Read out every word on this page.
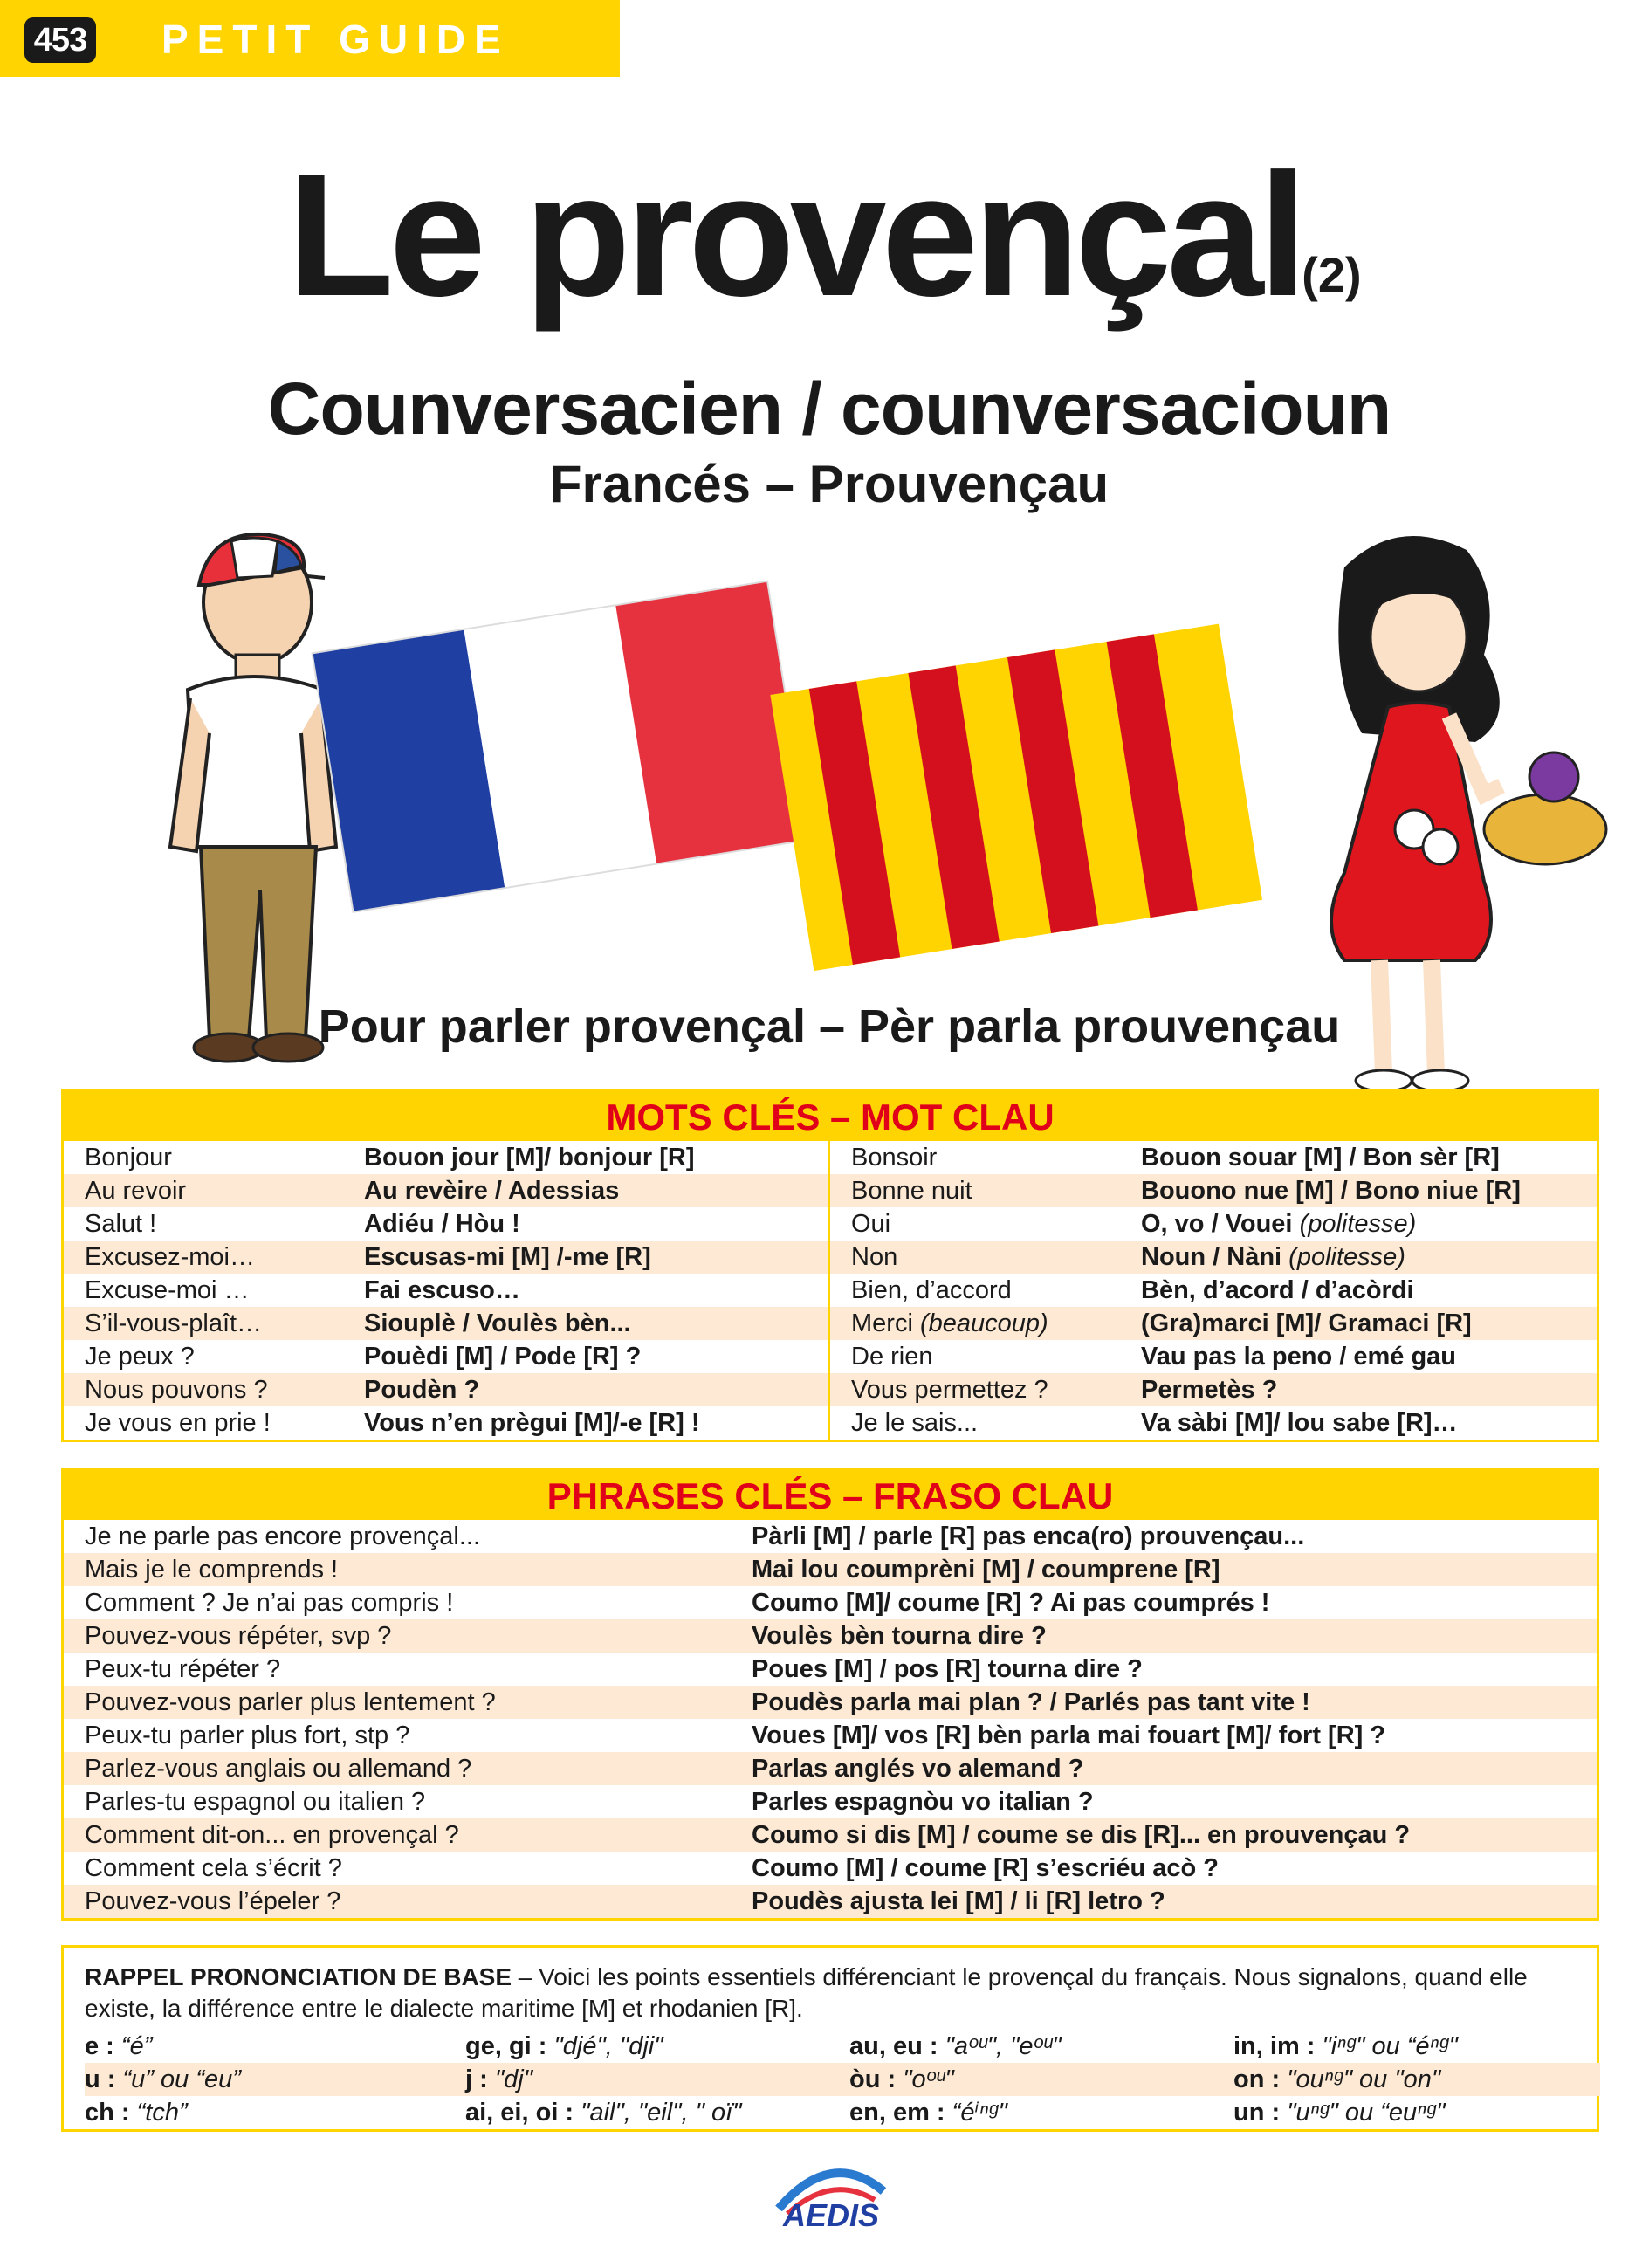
453 PETIT GUIDE
Le provençal$^{(2)}$
Counversacien / counversacioun
Francés – Prouvençau
Pour parler provençal – Pèr parla prouvençau
MOTS CLÉS – MOT CLAU
Bonjour	Bouon jour [M]/ bonjour [R]	Bonsoir	Bouon souar [M] / Bon sèr [R]
Au revoir	Au revèire / Adessias	Bonne nuit	Bouono nue [M] / Bono niue [R]
Salut !	Adiéu / Hòu !	Oui	O, vo / Vouei (politesse)
Excusez-moi…	Escusas-mi [M] /-me [R]	Non	Noun / Nàni (politesse)
Excuse-moi …	Fai escuso…	Bien, d’accord	Bèn, d’acord / d’acòrdi
S’il-vous-plaît…	Siouplè / Voulès bèn...	Merci (beaucoup)	(Gra)marci [M]/ Gramaci [R]
Je peux ?	Pouèdi [M] / Pode [R] ?	De rien	Vau pas la peno / emé gau
Nous pouvons ?	Poudèn ?	Vous permettez ?	Permetès ?
Je vous en prie !	Vous n’en prègui [M]/-e [R] !	Je le sais...	Va sàbi [M]/ lou sabe [R]…
PHRASES CLÉS – FRASO CLAU
Je ne parle pas encore provençal...	Pàrli [M] / parle [R] pas enca(ro) prouvençau...
Mais je le comprends !	Mai lou coumprèni [M] / coumprene [R]
Comment ? Je n’ai pas compris !	Coumo [M]/ coume [R] ? Ai pas coumprés !
Pouvez-vous répéter, svp ?	Voulès bèn tourna dire ?
Peux-tu répéter ?	Poues [M] / pos [R] tourna dire ?
Pouvez-vous parler plus lentement ?	Poudès parla mai plan ? / Parlés pas tant vite !
Peux-tu parler plus fort, stp ?	Voues [M]/ vos [R] bèn parla mai fouart [M]/ fort [R] ?
Parlez-vous anglais ou allemand ?	Parlas anglés vo alemand ?
Parles-tu espagnol ou italien ?	Parles espagnòu vo italian ?
Comment dit-on... en provençal ?	Coumo si dis [M] / coume se dis [R]... en prouvençau ?
Comment cela s’écrit ?	Coumo [M] / coume [R] s’escriéu acò ?
Pouvez-vous l’épeler ?	Poudès ajusta lei [M] / li [R] letro ?
RAPPEL PRONONCIATION DE BASE – Voici les points essentiels différenciant le provençal du français. Nous signalons, quand elle existe, la différence entre le dialecte maritime [M] et rhodanien [R].
e : “é”	ge, gi : "djé", "dji"	au, eu : "aᵒᵘ", "eᵒᵘ"	in, im : "iⁿᵍ" ou “éⁿᵍ"
u : “u” ou “eu”	j : "dj"	òu : "oᵒᵘ"	on : "ouⁿᵍ" ou "on"
ch : “tch”	ai, ei, oi : "ail", "eil", " oï"	en, em : “éⁱⁿᵍ"	un : "uⁿᵍ" ou “euⁿᵍ"
AEDIS
